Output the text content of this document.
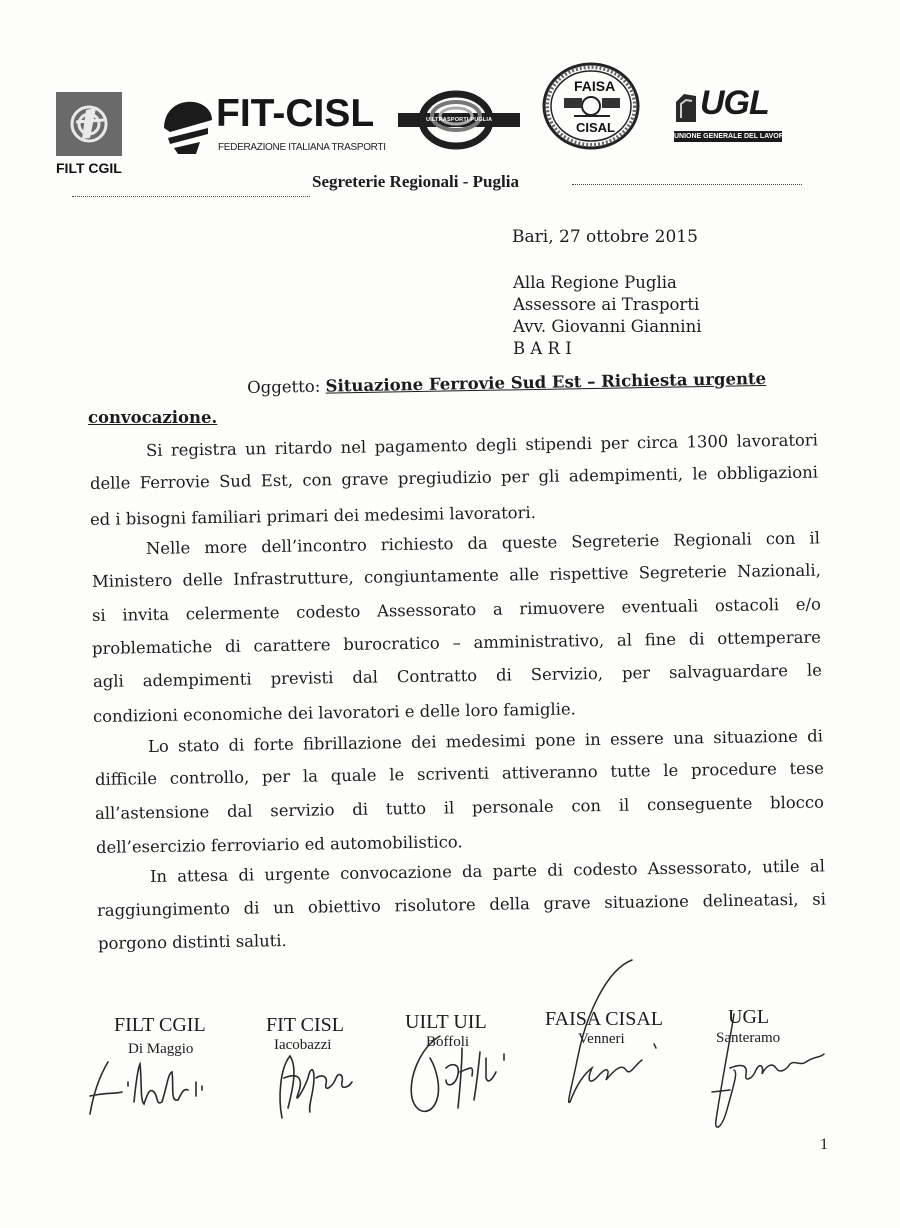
FILT CGIL
FIT-CISL
FEDERAZIONE ITALIANA TRASPORTI
UILTRASPORTI PUGLIA
FAISA
CISAL
UGL
UNIONE GENERALE DEL LAVORO
Segreterie Regionali - Puglia
Bari, 27 ottobre 2015
Alla Regione Puglia
Assessore ai Trasporti
Avv. Giovanni Giannini
B A R I
Oggetto: Situazione Ferrovie Sud Est – Richiesta urgente
convocazione.
Si registra un ritardo nel pagamento degli stipendi per circa 1300 lavoratori
delle Ferrovie Sud Est, con grave pregiudizio per gli adempimenti, le obbligazioni
ed i bisogni familiari primari dei medesimi lavoratori.
Nelle more dell’incontro richiesto da queste Segreterie Regionali con il
Ministero delle Infrastrutture, congiuntamente alle rispettive Segreterie Nazionali,
si invita celermente codesto Assessorato a rimuovere eventuali ostacoli e/o
problematiche di carattere burocratico – amministrativo, al fine di ottemperare
agli adempimenti previsti dal Contratto di Servizio, per salvaguardare le
condizioni economiche dei lavoratori e delle loro famiglie.
Lo stato di forte fibrillazione dei medesimi pone in essere una situazione di
difficile controllo, per la quale le scriventi attiveranno tutte le procedure tese
all’astensione dal servizio di tutto il personale con il conseguente blocco
dell’esercizio ferroviario ed automobilistico.
In attesa di urgente convocazione da parte di codesto Assessorato, utile al
raggiungimento di un obiettivo risolutore della grave situazione delineatasi, si
porgono distinti saluti.
FILT CGIL
Di Maggio
FIT CISL
Iacobazzi
UILT UIL
Boffoli
FAISA CISAL
Venneri
UGL
Santeramo
1
